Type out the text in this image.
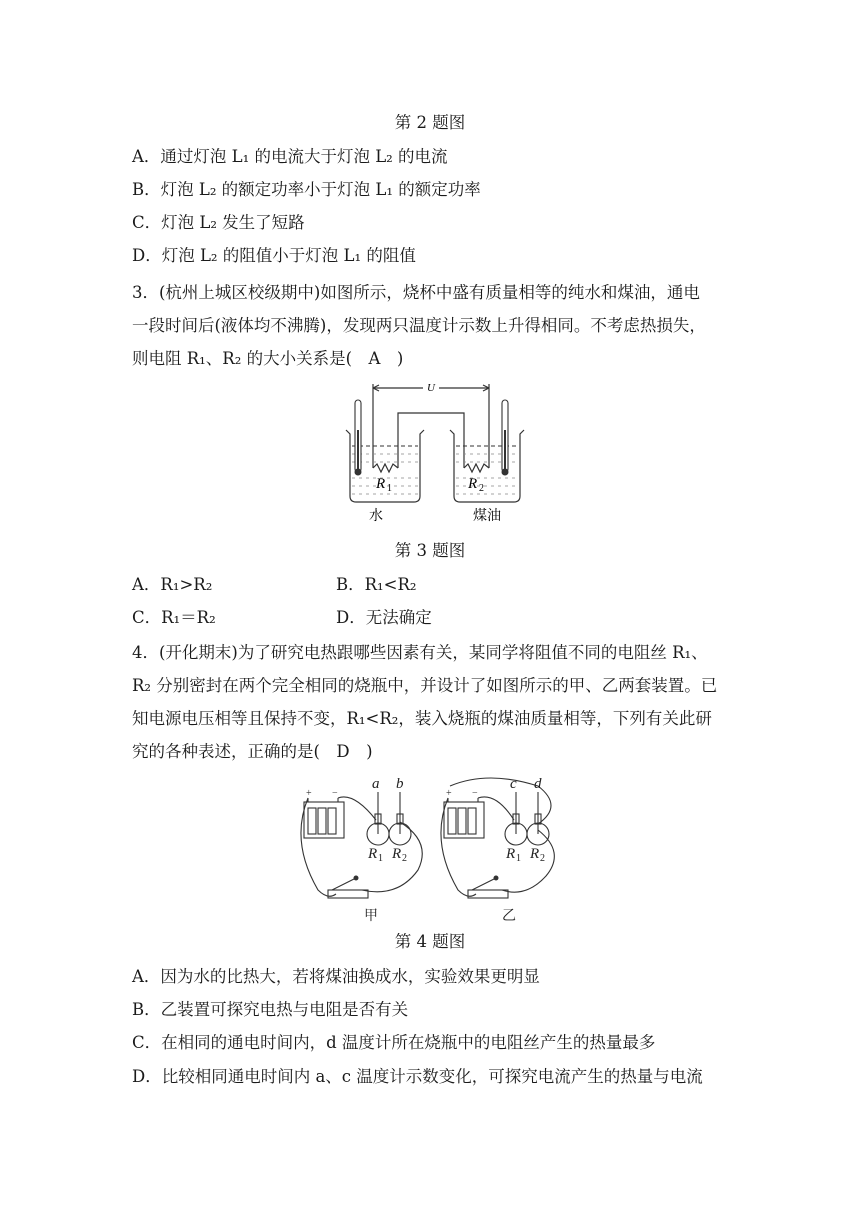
第 2 题图
A．通过灯泡 L₁ 的电流大于灯泡 L₂ 的电流
B．灯泡 L₂ 的额定功率小于灯泡 L₁ 的额定功率
C．灯泡 L₂ 发生了短路
D．灯泡 L₂ 的阻值小于灯泡 L₁ 的阻值
3．(杭州上城区校级期中)如图所示，烧杯中盛有质量相等的纯水和煤油，通电
一段时间后(液体均不沸腾)，发现两只温度计示数上升得相同。不考虑热损失，
则电阻 R₁、R₂ 的大小关系是(　A　)
U
R 1	R 2
水	煤油
第 3 题图
A．R₁>R₂	B．R₁<R₂
C．R₁＝R₂	D．无法确定
4．(开化期末)为了研究电热跟哪些因素有关，某同学将阻值不同的电阻丝 R₁、
R₂ 分别密封在两个完全相同的烧瓶中，并设计了如图所示的甲、乙两套装置。已
知电源电压相等且保持不变，R₁<R₂，装入烧瓶的煤油质量相等，下列有关此研
究的各种表述，正确的是(　D　)
+ −	+ −
a b	c d
R R	R R
1 2	1 2
甲	乙
第 4 题图
A．因为水的比热大，若将煤油换成水，实验效果更明显
B．乙装置可探究电热与电阻是否有关
C．在相同的通电时间内，d 温度计所在烧瓶中的电阻丝产生的热量最多
D．比较相同通电时间内 a、c 温度计示数变化，可探究电流产生的热量与电流
